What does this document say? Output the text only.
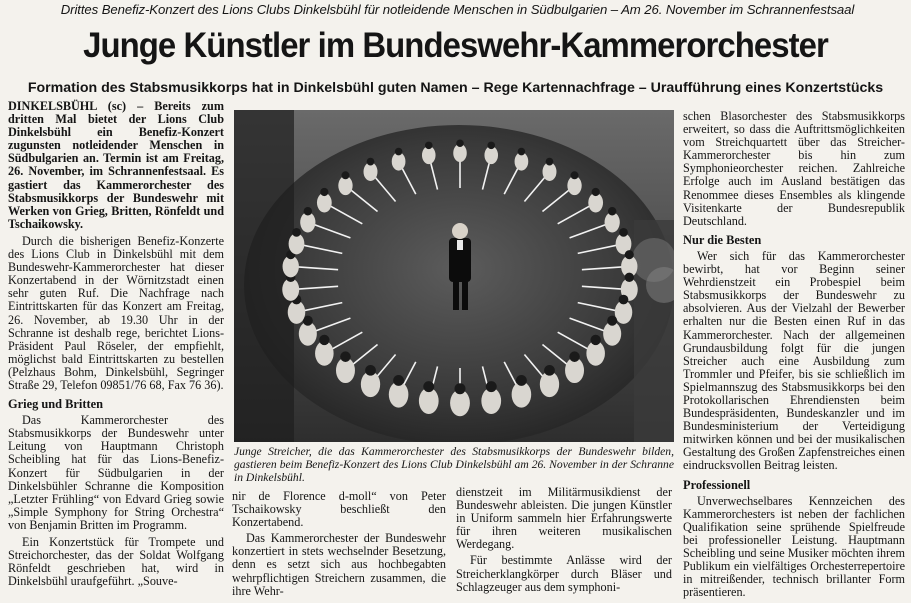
Drittes Benefiz-Konzert des Lions Clubs Dinkelsbühl für notleidende Menschen in Südbulgarien – Am 26. November im Schrannenfestsaal
Junge Künstler im Bundeswehr-Kammerorchester
Formation des Stabsmusikkorps hat in Dinkelsbühl guten Namen – Rege Kartennachfrage – Uraufführung eines Konzertstücks

DINKELSBÜHL (sc) – Bereits zum dritten Mal bietet der Lions Club Dinkelsbühl ein Benefiz-Konzert zugunsten notleidender Menschen in Südbulgarien an. Termin ist am Freitag, 26. November, im Schrannenfestsaal. Es gastiert das Kammerorchester des Stabsmusikkorps der Bundeswehr mit Werken von Grieg, Britten, Rönfeldt und Tschaikowsky.

Durch die bisherigen Benefiz-Konzerte des Lions Club in Dinkelsbühl mit dem Bundeswehr-Kammerorchester hat dieser Konzertabend in der Wörnitzstadt einen sehr guten Ruf. Die Nachfrage nach Eintrittskarten für das Konzert am Freitag, 26. November, ab 19.30 Uhr in der Schranne ist deshalb rege, berichtet Lions-Präsident Paul Röseler, der empfiehlt, möglichst bald Eintrittskarten zu bestellen (Pelzhaus Bohm, Dinkelsbühl, Segringer Straße 29, Telefon 09851/76 68, Fax 76 36).

Grieg und Britten

Das Kammerorchester des Stabsmusikkorps der Bundeswehr unter Leitung von Hauptmann Christoph Scheibling hat für das Lions-Benefiz-Konzert für Südbulgarien in der Dinkelsbühler Schranne die Komposition „Letzter Frühling“ von Edvard Grieg sowie „Simple Symphony for String Orchestra“ von Benjamin Britten im Programm.

Ein Konzertstück für Trompete und Streichorchester, das der Soldat Wolfgang Rönfeldt geschrieben hat, wird in Dinkelsbühl uraufgeführt. „Souve-

Junge Streicher, die das Kammerorchester des Stabsmusikkorps der Bundeswehr bilden, gastieren beim Benefiz-Konzert des Lions Club Dinkelsbühl am 26. November in der Schranne in Dinkelsbühl.

nir de Florence d-moll“ von Peter Tschaikowsky beschließt den Konzertabend.

Das Kammerorchester der Bundeswehr konzertiert in stets wechselnder Besetzung, denn es setzt sich aus hochbegabten wehrpflichtigen Streichern zusammen, die ihre Wehr-

dienstzeit im Militärmusikdienst der Bundeswehr ableisten. Die jungen Künstler in Uniform sammeln hier Erfahrungswerte für ihren weiteren musikalischen Werdegang.

Für bestimmte Anlässe wird der Streicherklangkörper durch Bläser und Schlagzeuger aus dem symphoni-

schen Blasorchester des Stabsmusikkorps erweitert, so dass die Auftrittsmöglichkeiten vom Streichquartett über das Streicher-Kammerorchester bis hin zum Symphonieorchester reichen. Zahlreiche Erfolge auch im Ausland bestätigen das Renommee dieses Ensembles als klingende Visitenkarte der Bundesrepublik Deutschland.

Nur die Besten

Wer sich für das Kammerorchester bewirbt, hat vor Beginn seiner Wehrdienstzeit ein Probespiel beim Stabsmusikkorps der Bundeswehr zu absolvieren. Aus der Vielzahl der Bewerber erhalten nur die Besten einen Ruf in das Kammerorchester. Nach der allgemeinen Grundausbildung folgt für die jungen Streicher auch eine Ausbildung zum Trommler und Pfeifer, bis sie schließlich im Spielmannszug des Stabsmusikkorps bei den Protokollarischen Ehrendiensten beim Bundespräsidenten, Bundeskanzler und im Bundesministerium der Verteidigung mitwirken können und bei der musikalischen Gestaltung des Großen Zapfenstreiches einen eindrucksvollen Beitrag leisten.

Professionell

Unverwechselbares Kennzeichen des Kammerorchesters ist neben der fachlichen Qualifikation seine sprühende Spielfreude bei professioneller Leistung. Hauptmann Scheibling und seine Musiker möchten ihrem Publikum ein vielfältiges Orchesterrepertoire in mitreißender, technisch brillanter Form präsentieren.
